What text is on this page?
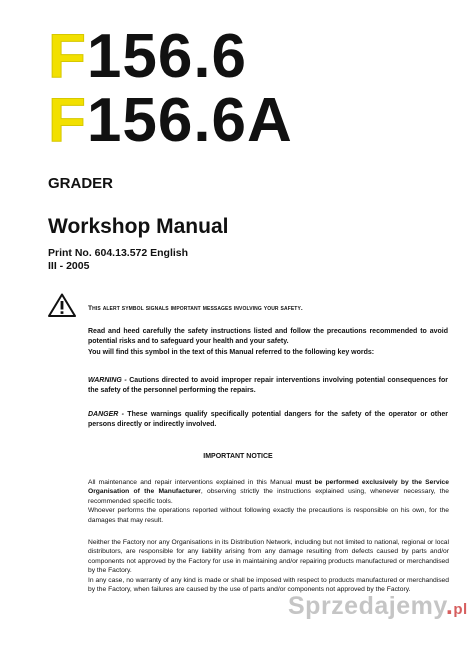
F156.6
F156.6A
GRADER
Workshop Manual
Print No. 604.13.572 English
III - 2005
This alert symbol signals important messages involving your safety.

Read and heed carefully the safety instructions listed and follow the precautions recommended to avoid potential risks and to safeguard your health and your safety.
You will find this symbol in the text of this Manual referred to the following key words:

WARNING - Cautions directed to avoid improper repair interventions involving potential consequences for the safety of the personnel performing the repairs.

DANGER - These warnings qualify specifically potential dangers for the safety of the operator or other persons directly or indirectly involved.

IMPORTANT NOTICE

All maintenance and repair interventions explained in this Manual must be performed exclusively by the Service Organisation of the Manufacturer, observing strictly the instructions explained using, whenever necessary, the recommended specific tools.
Whoever performs the operations reported without following exactly the precautions is responsible on his own, for the damages that may result.

Neither the Factory nor any Organisations in its Distribution Network, including but not limited to national, regional or local distributors, are responsible for any liability arising from any damage resulting from defects caused by parts and/or components not approved by the Factory for use in maintaining and/or repairing products manufactured or merchandised by the Factory.

In any case, no warranty of any kind is made or shall be imposed with respect to products manufactured or merchandised by the Factory, when failures are caused by the use of parts and/or components not approved by the Factory.

Sprzedajemy.pl
